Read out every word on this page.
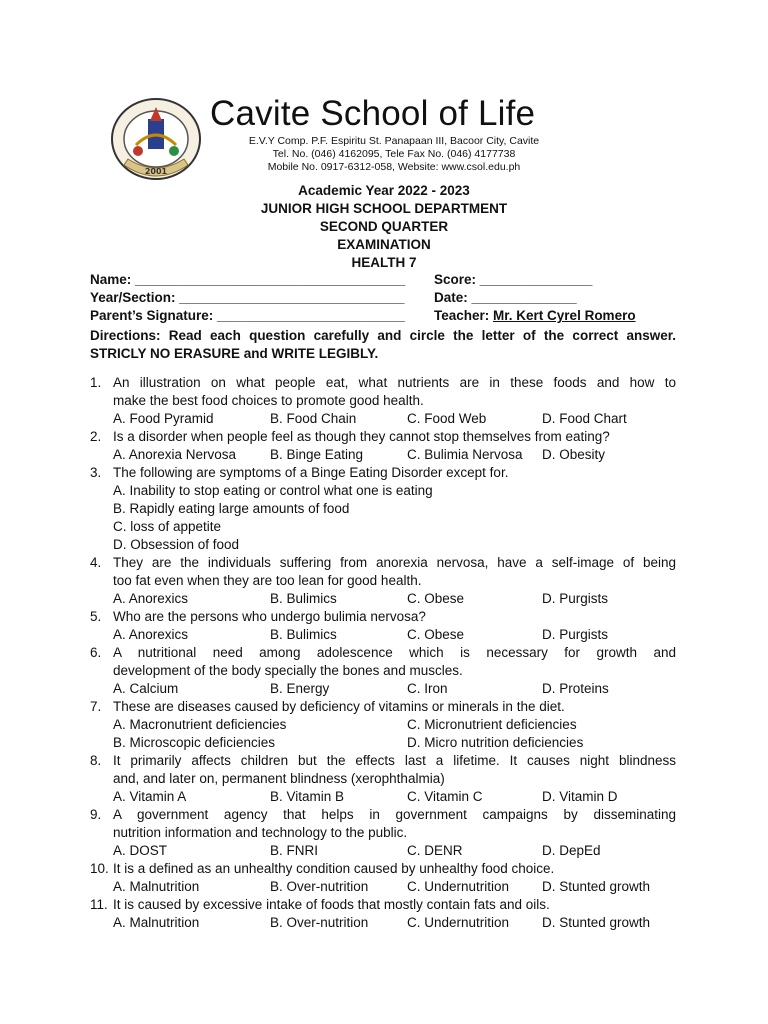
2001
Cavite School of Life
E.V.Y Comp. P.F. Espiritu St. Panapaan III, Bacoor City, Cavite
Tel. No. (046) 4162095, Tele Fax No. (046) 4177738
Mobile No. 0917-6312-058, Website: www.csol.edu.ph
Academic Year 2022 - 2023
JUNIOR HIGH SCHOOL DEPARTMENT
SECOND QUARTER
EXAMINATION
HEALTH 7
Name: ____________________________________ Score: _______________
Year/Section: ______________________________ Date: ______________
Parent’s Signature: _________________________ Teacher: Mr. Kert Cyrel Romero
Directions: Read each question carefully and circle the letter of the correct answer. STRICLY NO ERASURE and WRITE LEGIBLY.
1. An illustration on what people eat, what nutrients are in these foods and how to
make the best food choices to promote good health.
A. Food Pyramid	B. Food Chain	C. Food Web	D. Food Chart
2. Is a disorder when people feel as though they cannot stop themselves from eating?
A. Anorexia Nervosa	B. Binge Eating	C. Bulimia Nervosa D. Obesity
3. The following are symptoms of a Binge Eating Disorder except for.
A. Inability to stop eating or control what one is eating
B. Rapidly eating large amounts of food
C. loss of appetite
D. Obsession of food
4. They are the individuals suffering from anorexia nervosa, have a self-image of being
too fat even when they are too lean for good health.
A. Anorexics	B. Bulimics	C. Obese	D. Purgists
5. Who are the persons who undergo bulimia nervosa?
A. Anorexics	B. Bulimics	C. Obese	D. Purgists
6. A nutritional need among adolescence which is necessary for growth and
development of the body specially the bones and muscles.
A. Calcium	B. Energy	C. Iron	D. Proteins
7. These are diseases caused by deficiency of vitamins or minerals in the diet.
A. Macronutrient deficiencies	C. Micronutrient deficiencies
B. Microscopic deficiencies	D. Micro nutrition deficiencies
8. It primarily affects children but the effects last a lifetime. It causes night blindness
and, and later on, permanent blindness (xerophthalmia)
A. Vitamin A	B. Vitamin B	C. Vitamin C	D. Vitamin D
9. A government agency that helps in government campaigns by disseminating
nutrition information and technology to the public.
A. DOST	B. FNRI	C. DENR	D. DepEd
10. It is a defined as an unhealthy condition caused by unhealthy food choice.
A. Malnutrition	B. Over-nutrition	C. Undernutrition D. Stunted growth
11. It is caused by excessive intake of foods that mostly contain fats and oils.
A. Malnutrition	B. Over-nutrition	C. Undernutrition D. Stunted growth
